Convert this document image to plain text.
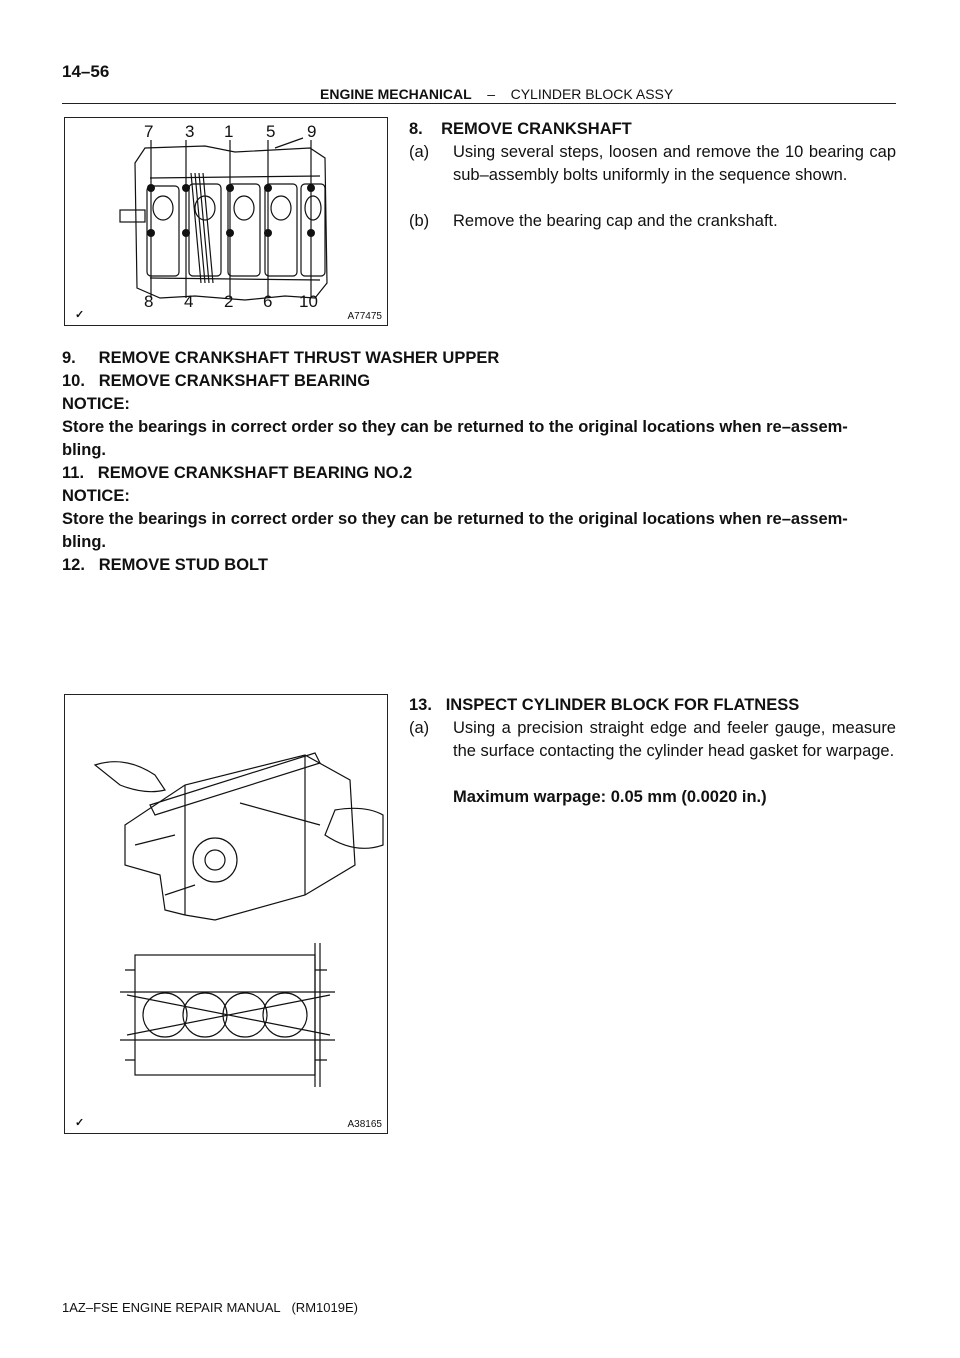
14–56
ENGINE MECHANICAL – CYLINDER BLOCK ASSY
7 3 1 5 9
8 4 2 6 10
✓	A77475
8.    REMOVE CRANKSHAFT
(a) Using several steps, loosen and remove the 10 bearing cap sub–assembly bolts uniformly in the sequence shown.
(b) Remove the bearing cap and the crankshaft.
9.     REMOVE CRANKSHAFT THRUST WASHER UPPER
10.   REMOVE CRANKSHAFT BEARING
NOTICE:
Store the bearings in correct order so they can be returned to the original locations when re–assem-
bling.
11.   REMOVE CRANKSHAFT BEARING NO.2
NOTICE:
Store the bearings in correct order so they can be returned to the original locations when re–assem-
bling.
12.   REMOVE STUD BOLT
✓	A38165
13.   INSPECT CYLINDER BLOCK FOR FLATNESS
(a) Using a precision straight edge and feeler gauge, measure the surface contacting the cylinder head gasket for warpage.
Maximum warpage: 0.05 mm (0.0020 in.)
1AZ–FSE ENGINE REPAIR MANUAL   (RM1019E)
